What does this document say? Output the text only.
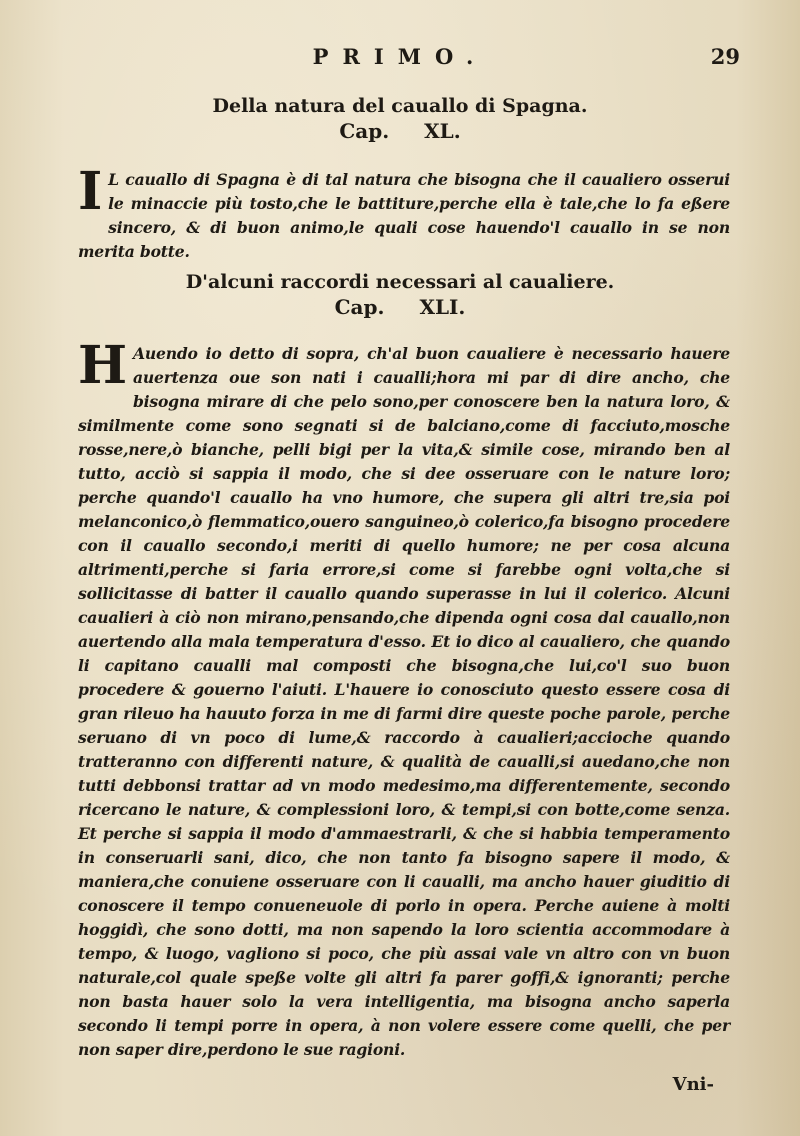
PRIMO.	29
Della natura del cauallo di Spagna.
Cap. XL.
I L cauallo di Spagna è di tal natura che bisogna che il caualiero osserui le minaccie più tosto,che le battiture,perche ella è tale,che lo fa eßere sincero, & di buon animo,le quali cose hauendo'l cauallo in se non merita botte.
D'alcuni raccordi necessari al caualiere.
Cap. XLI.
H Auendo io detto di sopra, ch'al buon caualiere è necessario hauere auertenza oue son nati i caualli;hora mi par di dire ancho, che bisogna mirare di che pelo sono,per conoscere ben la natura loro, & similmente come sono segnati si de balciano,come di facciuto,mosche rosse,nere,ò bianche, pelli bigi per la vita,& simile cose, mirando ben al tutto, acciò si sappia il modo, che si dee osseruare con le nature loro; perche quando'l cauallo ha vno humore, che supera gli altri tre,sia poi melanconico,ò flemmatico,ouero sanguineo,ò colerico,fa bisogno procedere con il cauallo secondo,i meriti di quello humore; ne per cosa alcuna altrimenti,perche si faria errore,si come si farebbe ogni volta,che si sollicitasse di batter il cauallo quando superasse in lui il colerico. Alcuni caualieri à ciò non mirano,pensando,che dipenda ogni cosa dal cauallo,non auertendo alla mala temperatura d'esso. Et io dico al caualiero, che quando li capitano caualli mal composti che bisogna,che lui,co'l suo buon procedere & gouerno l'aiuti. L'hauere io conosciuto questo essere cosa di gran rileuo ha hauuto forza in me di farmi dire queste poche parole, perche seruano di vn poco di lume,& raccordo à caualieri;accioche quando tratteranno con differenti nature, & qualità de caualli,si auedano,che non tutti debbonsi trattar ad vn modo medesimo,ma differentemente, secondo ricercano le nature, & complessioni loro, & tempi,si con botte,come senza. Et perche si sappia il modo d'ammaestrarli, & che si habbia temperamento in conseruarli sani, dico, che non tanto fa bisogno sapere il modo, & maniera,che conuiene osseruare con li caualli, ma ancho hauer giuditio di conoscere il tempo conueneuole di porlo in opera. Perche auiene à molti hoggidì, che sono dotti, ma non sapendo la loro scientia accommodare à tempo, & luogo, vagliono si poco, che più assai vale vn altro con vn buon naturale,col quale speße volte gli altri fa parer goffi,& ignoranti; perche non basta hauer solo la vera intelligentia, ma bisogna ancho saperla secondo li tempi porre in opera, à non volere essere come quelli, che per non saper dire,perdono le sue ragioni.
Vni-
